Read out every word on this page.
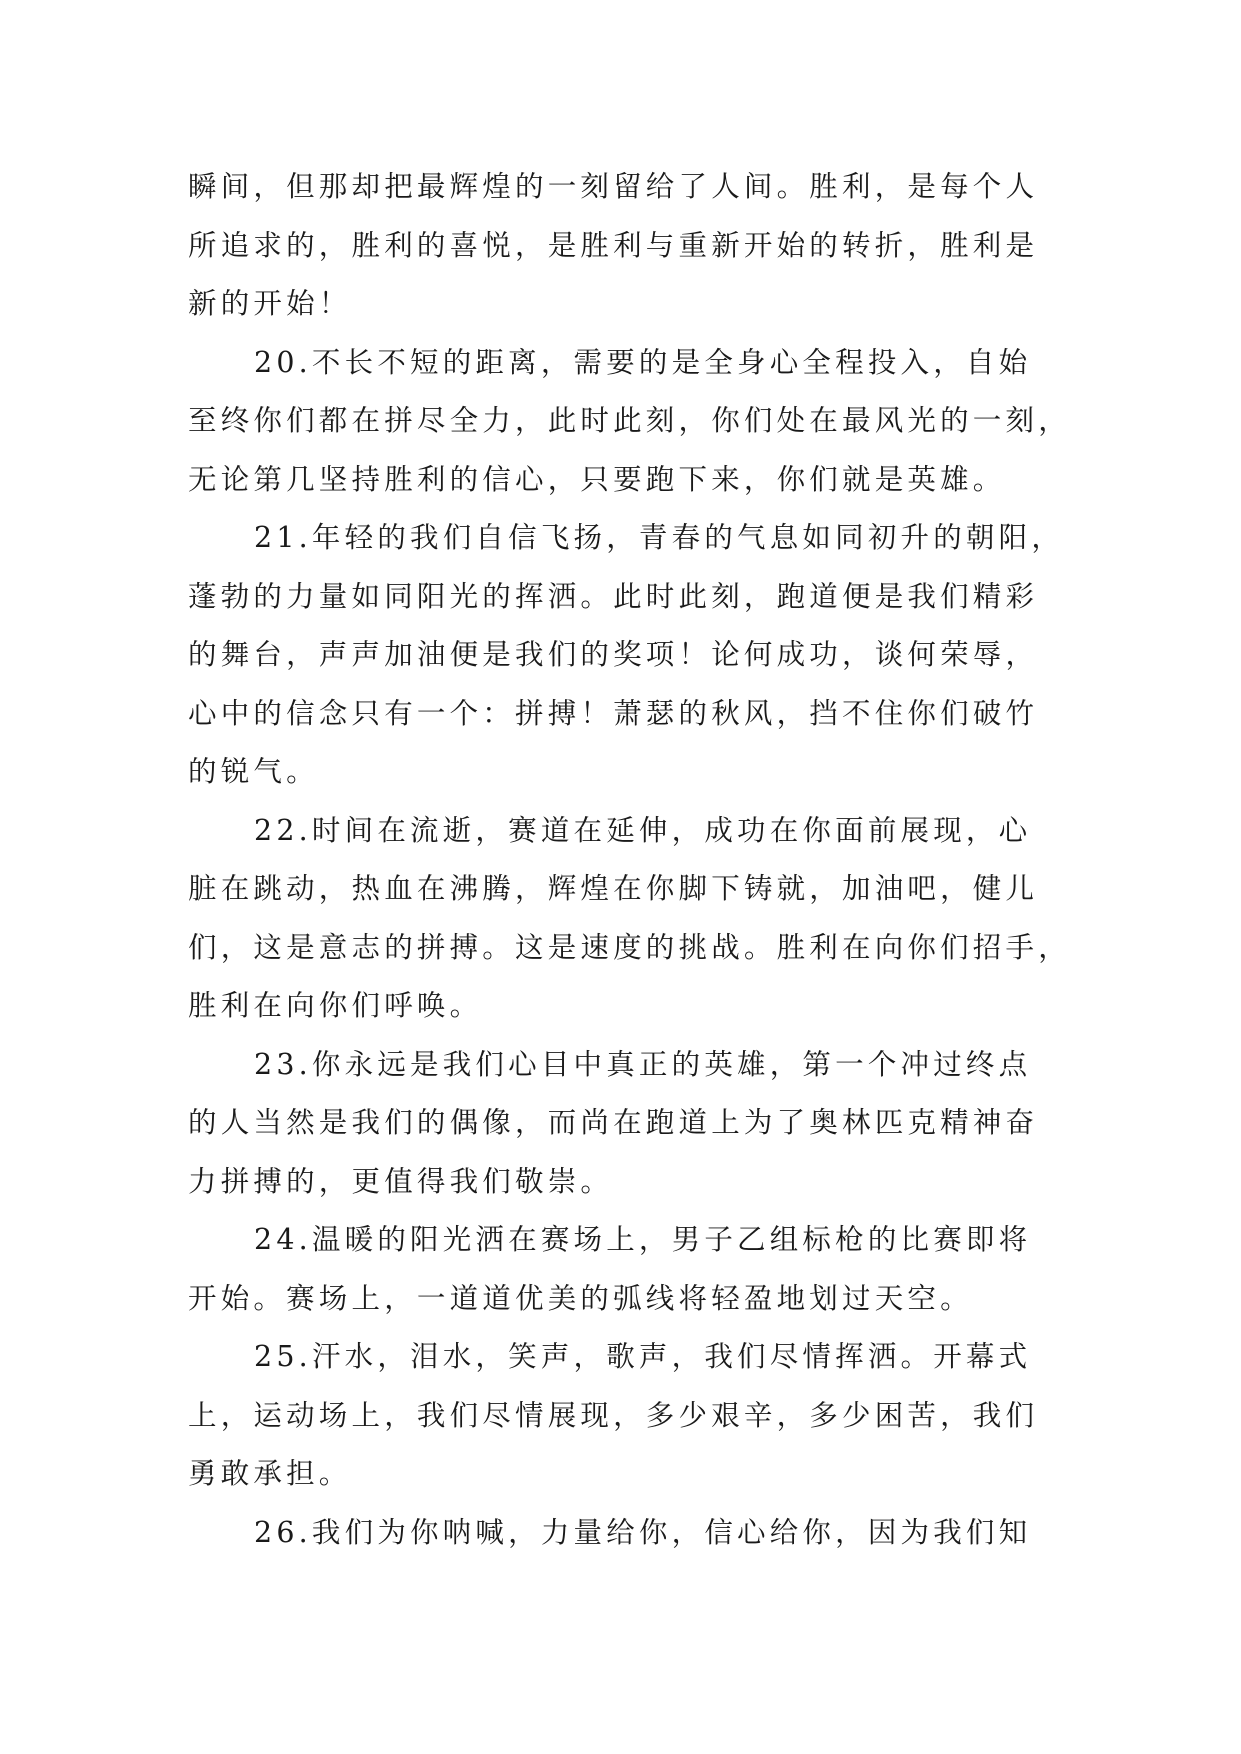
瞬间，但那却把最辉煌的一刻留给了人间。胜利，是每个人
所追求的，胜利的喜悦，是胜利与重新开始的转折，胜利是
新的开始！
20.不长不短的距离，需要的是全身心全程投入，自始
至终你们都在拼尽全力，此时此刻，你们处在最风光的一刻，
无论第几坚持胜利的信心，只要跑下来，你们就是英雄。
21.年轻的我们自信飞扬，青春的气息如同初升的朝阳，
蓬勃的力量如同阳光的挥洒。此时此刻，跑道便是我们精彩
的舞台，声声加油便是我们的奖项！论何成功，谈何荣辱，
心中的信念只有一个：拼搏！萧瑟的秋风，挡不住你们破竹
的锐气。
22.时间在流逝，赛道在延伸，成功在你面前展现，心
脏在跳动，热血在沸腾，辉煌在你脚下铸就，加油吧，健儿
们，这是意志的拼搏。这是速度的挑战。胜利在向你们招手，
胜利在向你们呼唤。
23.你永远是我们心目中真正的英雄，第一个冲过终点
的人当然是我们的偶像，而尚在跑道上为了奥林匹克精神奋
力拼搏的，更值得我们敬崇。
24.温暖的阳光洒在赛场上，男子乙组标枪的比赛即将
开始。赛场上，一道道优美的弧线将轻盈地划过天空。
25.汗水，泪水，笑声，歌声，我们尽情挥洒。开幕式
上，运动场上，我们尽情展现，多少艰辛，多少困苦，我们
勇敢承担。
26.我们为你呐喊，力量给你，信心给你，因为我们知
